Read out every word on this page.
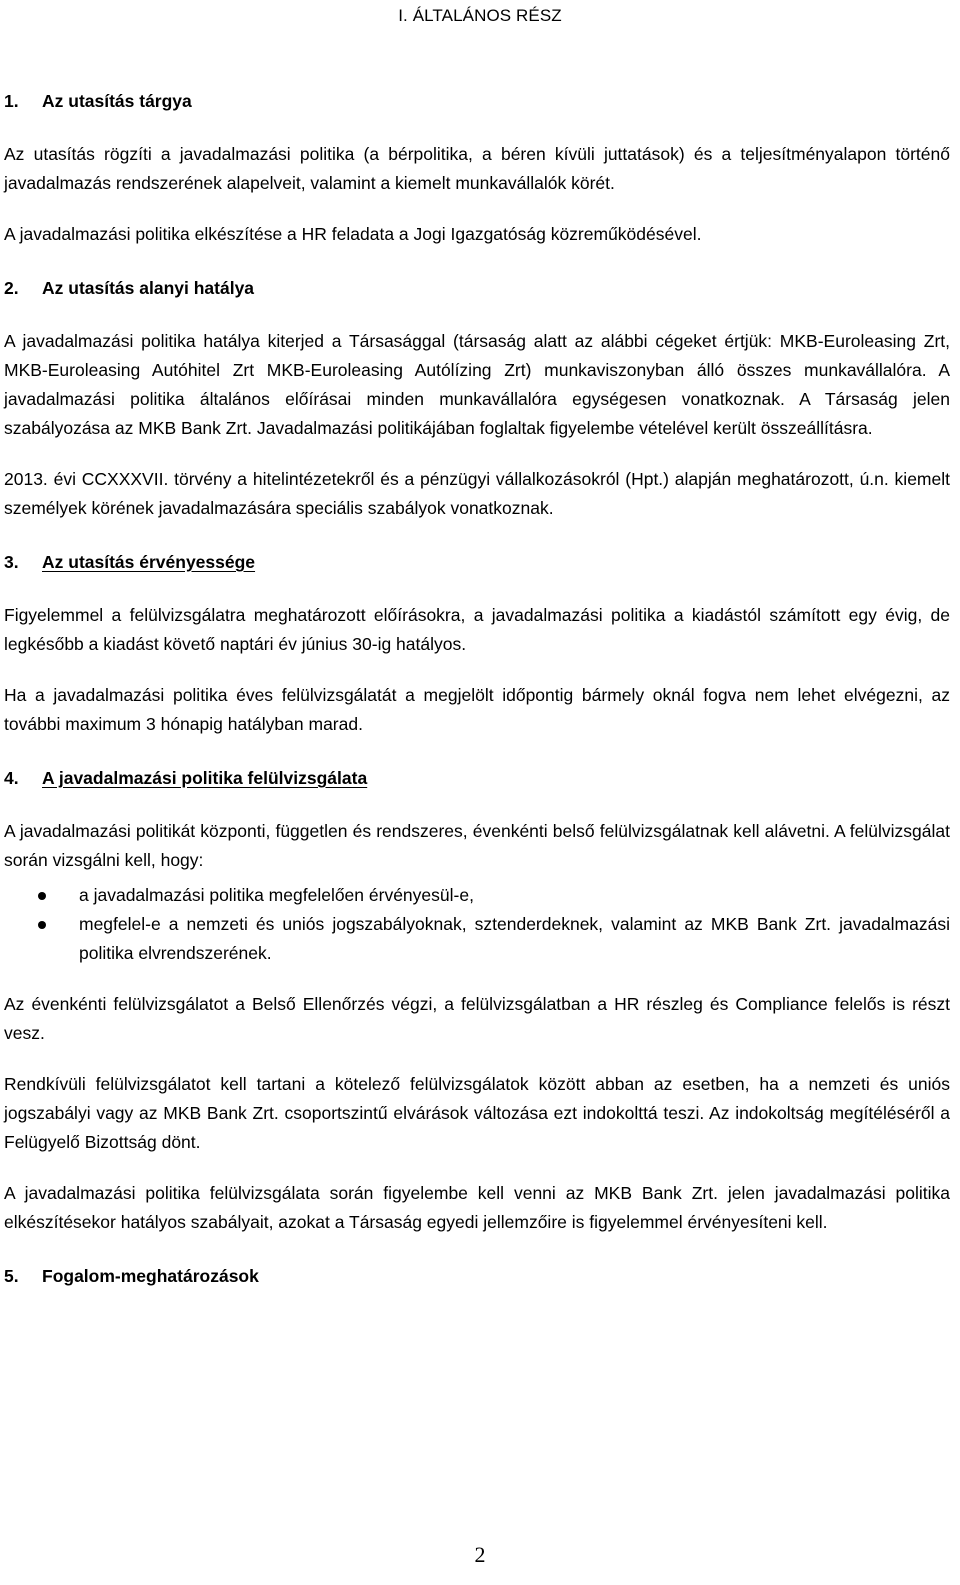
I. ÁLTALÁNOS RÉSZ
1.	Az utasítás tárgya

Az utasítás rögzíti a javadalmazási politika (a bérpolitika, a béren kívüli juttatások) és a teljesítményalapon történő javadalmazás rendszerének alapelveit, valamint a kiemelt munkavállalók körét.

A javadalmazási politika elkészítése a HR feladata a Jogi Igazgatóság közreműködésével.

2.	Az utasítás alanyi hatálya

A javadalmazási politika hatálya kiterjed a Társasággal (társaság alatt az alábbi cégeket értjük: MKB-Euroleasing Zrt, MKB-Euroleasing Autóhitel Zrt MKB-Euroleasing Autólízing Zrt) munkaviszonyban álló összes munkavállalóra. A javadalmazási politika általános előírásai minden munkavállalóra egységesen vonatkoznak. A Társaság jelen szabályozása az MKB Bank Zrt. Javadalmazási politikájában foglaltak figyelembe vételével került összeállításra.

2013. évi CCXXXVII. törvény a hitelintézetekről és a pénzügyi vállalkozásokról (Hpt.) alapján meghatározott, ú.n. kiemelt személyek körének javadalmazására speciális szabályok vonatkoznak.

3.	Az utasítás érvényessége

Figyelemmel a felülvizsgálatra meghatározott előírásokra, a javadalmazási politika a kiadástól számított egy évig, de legkésőbb a kiadást követő naptári év június 30-ig hatályos.

Ha a javadalmazási politika éves felülvizsgálatát a megjelölt időpontig bármely oknál fogva nem lehet elvégezni, az további maximum 3 hónapig hatályban marad.

4.	A javadalmazási politika felülvizsgálata

A javadalmazási politikát központi, független és rendszeres, évenkénti belső felülvizsgálatnak kell alávetni. A felülvizsgálat során vizsgálni kell, hogy:

a javadalmazási politika megfelelően érvényesül-e,
megfelel-e a nemzeti és uniós jogszabályoknak, sztenderdeknek, valamint az MKB Bank Zrt. javadalmazási politika elvrendszerének.

Az évenkénti felülvizsgálatot a Belső Ellenőrzés végzi, a felülvizsgálatban a HR részleg és Compliance felelős is részt vesz.

Rendkívüli felülvizsgálatot kell tartani a kötelező felülvizsgálatok között abban az esetben, ha a nemzeti és uniós jogszabályi vagy az MKB Bank Zrt. csoportszintű elvárások változása ezt indokolttá teszi. Az indokoltság megítéléséről a Felügyelő Bizottság dönt.

A javadalmazási politika felülvizsgálata során figyelembe kell venni az MKB Bank Zrt. jelen javadalmazási politika elkészítésekor hatályos szabályait, azokat a Társaság egyedi jellemzőire is figyelemmel érvényesíteni kell.

5.	Fogalom-meghatározások
2
